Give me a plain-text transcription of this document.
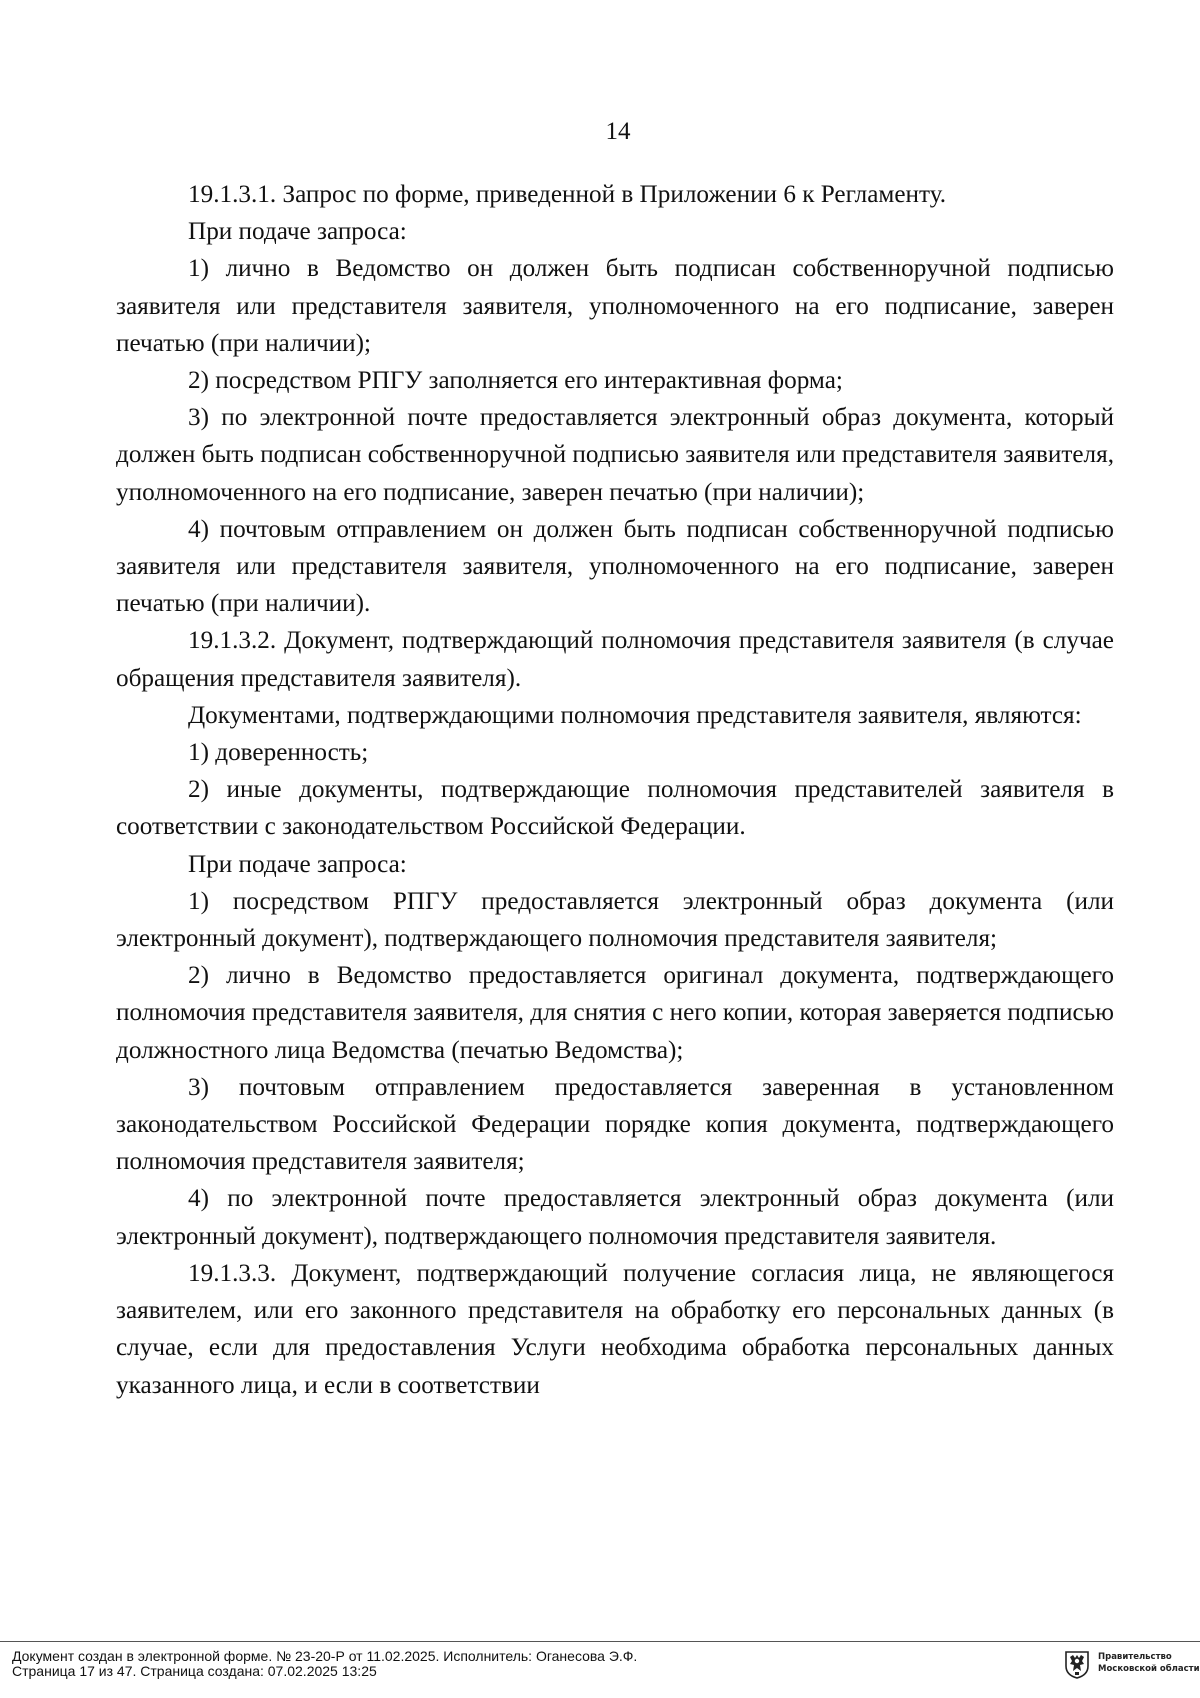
14

19.1.3.1. Запрос по форме, приведенной в Приложении 6 к Регламенту.

При подаче запроса:

1) лично в Ведомство он должен быть подписан собственноручной подписью заявителя или представителя заявителя, уполномоченного на его подписание, заверен печатью (при наличии);

2) посредством РПГУ заполняется его интерактивная форма;

3) по электронной почте предоставляется электронный образ документа, который должен быть подписан собственноручной подписью заявителя или представителя заявителя, уполномоченного на его подписание, заверен печатью (при наличии);

4) почтовым отправлением он должен быть подписан собственноручной подписью заявителя или представителя заявителя, уполномоченного на его подписание, заверен печатью (при наличии).

19.1.3.2. Документ, подтверждающий полномочия представителя заявителя (в случае обращения представителя заявителя).

Документами, подтверждающими полномочия представителя заявителя, являются:

1) доверенность;

2) иные документы, подтверждающие полномочия представителей заявителя в соответствии с законодательством Российской Федерации.

При подаче запроса:

1) посредством РПГУ предоставляется электронный образ документа (или электронный документ), подтверждающего полномочия представителя заявителя;

2) лично в Ведомство предоставляется оригинал документа, подтверждающего полномочия представителя заявителя, для снятия с него копии, которая заверяется подписью должностного лица Ведомства (печатью Ведомства);

3) почтовым отправлением предоставляется заверенная в установленном законодательством Российской Федерации порядке копия документа, подтверждающего полномочия представителя заявителя;

4) по электронной почте предоставляется электронный образ документа (или электронный документ), подтверждающего полномочия представителя заявителя.

19.1.3.3. Документ, подтверждающий получение согласия лица, не являющегося заявителем, или его законного представителя на обработку его персональных данных (в случае, если для предоставления Услуги необходима обработка персональных данных указанного лица, и если в соответствии

Документ создан в электронной форме. № 23-20-Р от 11.02.2025. Исполнитель: Оганесова Э.Ф.
Страница 17 из 47. Страница создана: 07.02.2025 13:25
Правительство
Московской области
